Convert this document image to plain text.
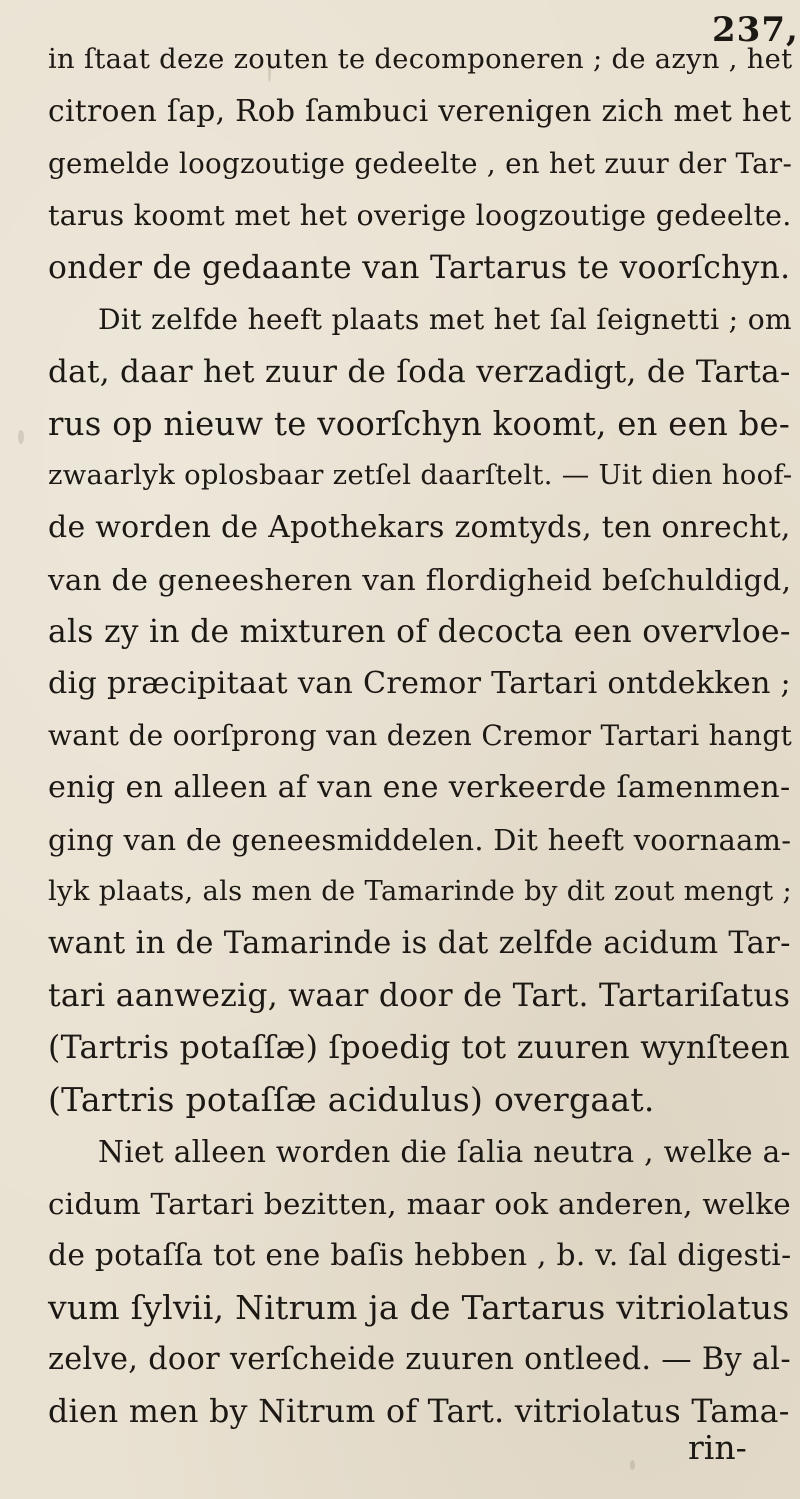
237,
in ſtaat deze zouten te decomponeren ; de azyn , het
citroen ſap, Rob ſambuci verenigen zich met het
gemelde loogzoutige gedeelte , en het zuur der Tar-
tarus koomt met het overige loogzoutige gedeelte.
onder de gedaante van Tartarus te voorſchyn.
Dit zelfde heeft plaats met het ſal ſeignetti ; om
dat, daar het zuur de ſoda verzadigt, de Tarta-
rus op nieuw te voorſchyn koomt, en een be-
zwaarlyk oplosbaar zetſel daarſtelt. — Uit dien hoof-
de worden de Apothekars zomtyds, ten onrecht,
van de geneesheren van flordigheid beſchuldigd,
als zy in de mixturen of decocta een overvloe-
dig præcipitaat van Cremor Tartari ontdekken ;
want de oorſprong van dezen Cremor Tartari hangt
enig en alleen af van ene verkeerde ſamenmen-
ging van de geneesmiddelen. Dit heeft voornaam-
lyk plaats, als men de Tamarinde by dit zout mengt ;
want in de Tamarinde is dat zelfde acidum Tar-
tari aanwezig, waar door de Tart. Tartariſatus
(Tartris potaſſæ) ſpoedig tot zuuren wynſteen
(Tartris potaſſæ acidulus) overgaat.
Niet alleen worden die ſalia neutra , welke a-
cidum Tartari bezitten, maar ook anderen, welke
de potaſſa tot ene baſis hebben , b. v. ſal digesti-
vum ſylvii, Nitrum ja de Tartarus vitriolatus
zelve, door verſcheide zuuren ontleed. — By al-
dien men by Nitrum of Tart. vitriolatus Tama-
rin-
